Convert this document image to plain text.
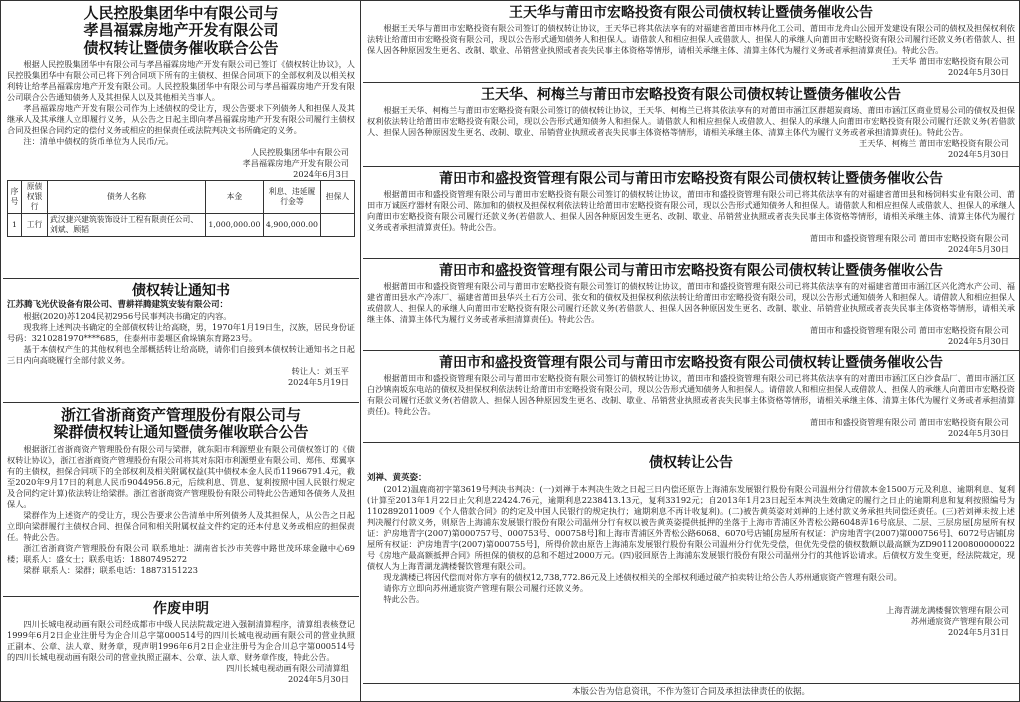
人民控股集团华中有限公司与
孝昌福霖房地产开发有限公司
债权转让暨债务催收联合公告

根据人民控股集团华中有限公司与孝昌福霖房地产开发有限公司已签订《债权转让协议》，人民控股集团华中有限公司已将下列合同项下所有的主债权、担保合同项下的全部权利及以相关权利转让给孝昌福霖房地产开发有限公司。人民控股集团华中有限公司与孝昌福霖房地产开发有限公司联合公告通知债务人及其担保人以及其他相关当事人。

孝昌福霖房地产开发有限公司作为上述债权的受让方，现公告要求下列债务人和担保人及其继承人及其承继人立即履行义务，从公告之日起主即向孝昌福霖房地产开发有限公司履行主债权合同及担保合同约定的偿付义务或相应的担保责任或法院判决文书所确定的义务。

注：清单中债权的货币单位为人民币/元。

人民控股集团华中有限公司
孝昌福霖房地产开发有限公司
2024年6月3日
序号	原债权银行	债务人名称	本金	利息、违延履行金等	担保人
1	工行	武汉捷兴建筑装饰设计工程有限责任公司、刘斌、顾韬	1,000,000.00	4,900,000.00	
债权转让通知书
江苏腾飞光伏设备有限公司、曹耕祥腾建筑安装有限公司：

根据(2020)苏1204民初2956号民事判决书确定的内容。

现我将上述判决书确定的全部债权转让给高晓，男，1970年1月19日生，汉族，居民身份证号码：3210281970****685，住泰州市姜堰区俞垛镇东育路23号。

基于本债权产生的其他权利也全部概括转让给高晓，请你们自接到本债权转让通知书之日起三日内向高晓履行全部付款义务。

转让人：刘玉平
2024年5月19日
浙江省浙商资产管理股份有限公司与
梁群债权转让通知暨债务催收联合公告

根据浙江省浙商资产管理股份有限公司与梁群，就东阳市利源塑业有限公司债权签订的《债权转让协议》，浙江省浙商资产管理股份有限公司将其对东阳市利源塑业有限公司、郑伟、郑翼享有的主债权，担保合同项下的全部权利及相关附属权益(其中债权本金人民币11966791.4元，截至2020年9月17日的利息人民币9044956.8元，后续利息、罚息、复利按照中国人民银行规定及合同约定计算)依法转让给梁群。浙江省浙商资产管理股份有限公司特此公告通知各债务人及担保人。

梁群作为上述资产的受让方，现公告要求公告清单中所列债务人及其担保人，从公告之日起立即向梁群履行主债权合同、担保合同和相关附属权益文件约定的还本付息义务或相应的担保责任。特此公告。

浙江省浙商资产管理股份有限公司 联系地址：湖南省长沙市芙蓉中路世茂环球金融中心69楼；联系人：盛女士；联系电话：18807495272

梁群 联系人：梁群；联系电话：18873151223

作废申明

四川长城电视动画有限公司经成都市中级人民法院裁定进入强制清算程序，清算组表核登记1999年6月2日企业注册号为企合川总字第000514号的四川长城电视动画有限公司的营业执照正副本、公章、法人章、财务章，现声明1996年6月2日企业注册号为企合川总字第000514号的四川长城电视动画有限公司的营业执照正副本、公章、法人章、财务章作废，特此公告。

四川长城电视动画有限公司清算组
2024年5月30日
王天华与莆田市宏略投资有限公司债权转让暨债务催收公告

根据王天华与莆田市宏略投资有限公司签订的债权转让协议，王天华已将其依法享有的对福建省莆田市林丹化工公司、莆田市龙舟山公园开发建设有限公司的债权及担保权利依法转让给莆田市宏略投资有限公司，现以公告形式通知债务人和担保人。请借款人和相应担保人或借款人、担保人的承继人向莆田市宏略投资有限公司履行还款义务(若借款人、担保人因各种原因发生更名、改制、歇业、吊销营业执照或者丧失民事主体资格等情形，请相关承继主体、清算主体代为履行义务或者承担清算责任)。特此公告。

王天华 莆田市宏略投资有限公司
2024年5月30日
王天华、柯梅兰与莆田市宏略投资有限公司债权转让暨债务催收公告

根据王天华、柯梅兰与莆田市宏略投资有限公司签订的债权转让协议，王天华、柯梅兰已将其依法享有的对莆田市涵江区群超炭商场、莆田市涵江区商业贸易公司的债权及担保权利依法转让给莆田市宏略投资有限公司，现以公告形式通知债务人和担保人。请借款人和相应担保人或借款人、担保人的承继人向莆田市宏略投资有限公司履行还款义务(若借款人、担保人因各种原因发生更名、改制、歇业、吊销营业执照或者丧失民事主体资格等情形，请相关承继主体、清算主体代为履行义务或者承担清算责任)。特此公告。

王天华、柯梅兰 莆田市宏略投资有限公司
2024年5月30日
莆田市和盛投资管理有限公司与莆田市宏略投资有限公司债权转让暨债务催收公告

根据莆田市和盛投资管理有限公司与莆田市宏略投资有限公司签订的债权转让协议，莆田市和盛投资管理有限公司已将其依法享有的对福建省莆田县和杨饲料实业有限公司、莆田市万诚医疗器材有限公司、陈加和的债权及担保权利依法转让给莆田市宏略投资有限公司，现以公告形式通知债务人和担保人。请借款人和相应担保人或借款人、担保人的承继人向莆田市宏略投资有限公司履行还款义务(若借款人、担保人因各种原因发生更名、改制、歇业、吊销营业执照或者丧失民事主体资格等情形，请相关承继主体、清算主体代为履行义务或者承担清算责任)。特此公告。

莆田市和盛投资管理有限公司 莆田市宏略投资有限公司
2024年5月30日
莆田市和盛投资管理有限公司与莆田市宏略投资有限公司债权转让暨债务催收公告

根据莆田市和盛投资管理有限公司与莆田市宏略投资有限公司签订的债权转让协议，莆田市和盛投资管理有限公司已将其依法享有的对福建省莆田市涵江区兴化湾水产公司、福建省莆田县水产冷冻厂、福建省莆田县华兴土石方公司、张女和的债权及担保权利依法转让给莆田市宏略投资有限公司，现以公告形式通知债务人和担保人。请借款人和相应担保人或借款人、担保人的承继人向莆田市宏略投资有限公司履行还款义务(若借款人、担保人因各种原因发生更名、改制、歇业、吊销营业执照或者丧失民事主体资格等情形，请相关承继主体、清算主体代为履行义务或者承担清算责任)。特此公告。

莆田市和盛投资管理有限公司 莆田市宏略投资有限公司
2024年5月30日
莆田市和盛投资管理有限公司与莆田市宏略投资有限公司债权转让暨债务催收公告

根据莆田市和盛投资管理有限公司与莆田市宏略投资有限公司签订的债权转让协议，莆田市和盛投资管理有限公司已将其依法享有的对莆田市涵江区白沙食品厂、莆田市涵江区白沙镇南坂东电站的债权及担保权利依法转让给莆田市宏略投资有限公司，现以公告形式通知债务人和担保人。请借款人和相应担保人或借款人、担保人的承继人向莆田市宏略投资有限公司履行还款义务(若借款人、担保人因各种原因发生更名、改制、歇业、吊销营业执照或者丧失民事主体资格等情形，请相关承继主体、清算主体代为履行义务或者承担清算责任)。特此公告。

莆田市和盛投资管理有限公司 莆田市宏略投资有限公司
2024年5月30日
债权转让公告
刘禅、黄英姿：

(2012)温鹿商初字第3619号判决书判决：(一)刘禅于本判决生效之日起三日内偿还原告上海浦东发展银行股份有限公司温州分行借款本金1500万元及利息、逾期利息、复利(计算至2013年1月22日止欠利息22424.76元，逾期利息2238413.13元，复利33192元；自2013年1月23日起至本判决生效确定的履行之日止的逾期利息和复利按照编号为1102892011009《个人借款合同》的约定及中国人民银行的规定执行；逾期利息不再计收复利)。(二)被告黄英姿对刘禅的上述付款义务承担共同偿还责任。(三)若刘禅未按上述判决履行付款义务，则原告上海浦东发展银行股份有限公司温州分行有权以被告黄英姿提供抵押的坐落于上海市青浦区外青松公路6048弄16号底层、二层、三层房屋[房屋所有权证：沪房地青字(2007)第000757号、000753号、000758号]和上海市青浦区外青松公路6068、6070号店铺[房屋所有权证：沪房地青字(2007)第000756号]、6072号店铺[房屋所有权证：沪房地青字(2007)第000755号]，所得价款由原告上海浦东发展银行股份有限公司温州分行优先受偿，但优先受偿的债权数额以最高额为ZD9011200800000022号《房地产最高额抵押合同》所担保的债权的总和不超过2000万元。(四)驳回原告上海浦东发展银行股份有限公司温州分行的其他诉讼请求。后债权方发生变更，经法院裁定，现债权人为上海青湖龙满楼餐饮管理有限公司。

现龙满楼已将因代偿而对你方享有的债权12,738,772.86元及上述债权相关的全部权利通过破产拍卖转让给公告人苏州通宸资产管理有限公司。

请你方立即向苏州通宸资产管理有限公司履行还款义务。

特此公告。

上海青湖龙满楼餐饮管理有限公司
苏州通宸资产管理有限公司
2024年5月31日
本版公告为信息资讯，不作为签订合同及承担法律责任的依据。
